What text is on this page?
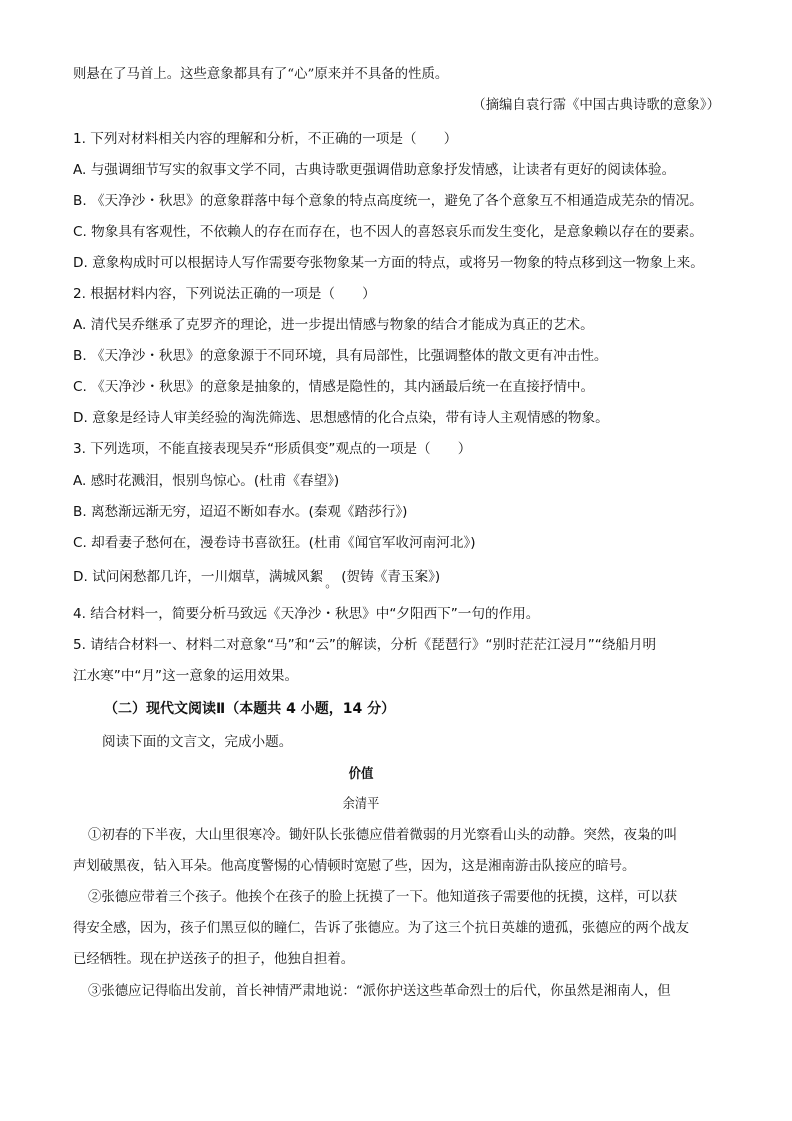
则悬在了马首上。这些意象都具有了“心”原来并不具备的性质。
（摘编自袁行霈《中国古典诗歌的意象》）
1. 下列对材料相关内容的理解和分析，不正确的一项是（　　）
A. 与强调细节写实的叙事文学不同，古典诗歌更强调借助意象抒发情感，让读者有更好的阅读体验。
B. 《天净沙・秋思》的意象群落中每个意象的特点高度统一，避免了各个意象互不相通造成芜杂的情况。
C. 物象具有客观性，不依赖人的存在而存在，也不因人的喜怒哀乐而发生变化，是意象赖以存在的要素。
D. 意象构成时可以根据诗人写作需要夸张物象某一方面的特点，或将另一物象的特点移到这一物象上来。
2. 根据材料内容，下列说法正确的一项是（　　）
A. 清代吴乔继承了克罗齐的理论，进一步提出情感与物象的结合才能成为真正的艺术。
B. 《天净沙・秋思》的意象源于不同环境，具有局部性，比强调整体的散文更有冲击性。
C. 《天净沙・秋思》的意象是抽象的，情感是隐性的，其内涵最后统一在直接抒情中。
D. 意象是经诗人审美经验的淘洗筛选、思想感情的化合点染，带有诗人主观情感的物象。
3. 下列选项，不能直接表现吴乔“形质俱变”观点的一项是（　　）
A. 感时花溅泪，恨别鸟惊心。(杜甫《春望》)
B. 离愁渐远渐无穷，迢迢不断如春水。(秦观《踏莎行》)
C. 却看妻子愁何在，漫卷诗书喜欲狂。(杜甫《闻官军收河南河北》)
D. 试问闲愁都几许，一川烟草，满城风絮 。 (贺铸《青玉案》)
4. 结合材料一，简要分析马致远《天净沙・秋思》中“夕阳西下”一句的作用。
5. 请结合材料一、材料二对意象“马”和“云”的解读，分析《琵琶行》“别时茫茫江浸月”“绕船月明
江水寒”中“月”这一意象的运用效果。
（二）现代文阅读Ⅱ（本题共 4 小题，14 分）
阅读下面的文言文，完成小题。
价值
余清平
①初春的下半夜，大山里很寒冷。锄奸队长张德应借着微弱的月光察看山头的动静。突然，夜枭的叫
声划破黑夜，钻入耳朵。他高度警惕的心情顿时宽慰了些，因为，这是湘南游击队接应的暗号。
②张德应带着三个孩子。他挨个在孩子的脸上抚摸了一下。他知道孩子需要他的抚摸，这样，可以获
得安全感，因为，孩子们黑豆似的瞳仁，告诉了张德应。为了这三个抗日英雄的遗孤，张德应的两个战友
已经牺牲。现在护送孩子的担子，他独自担着。
③张德应记得临出发前，首长神情严肃地说：“派你护送这些革命烈士的后代，你虽然是湘南人，但
